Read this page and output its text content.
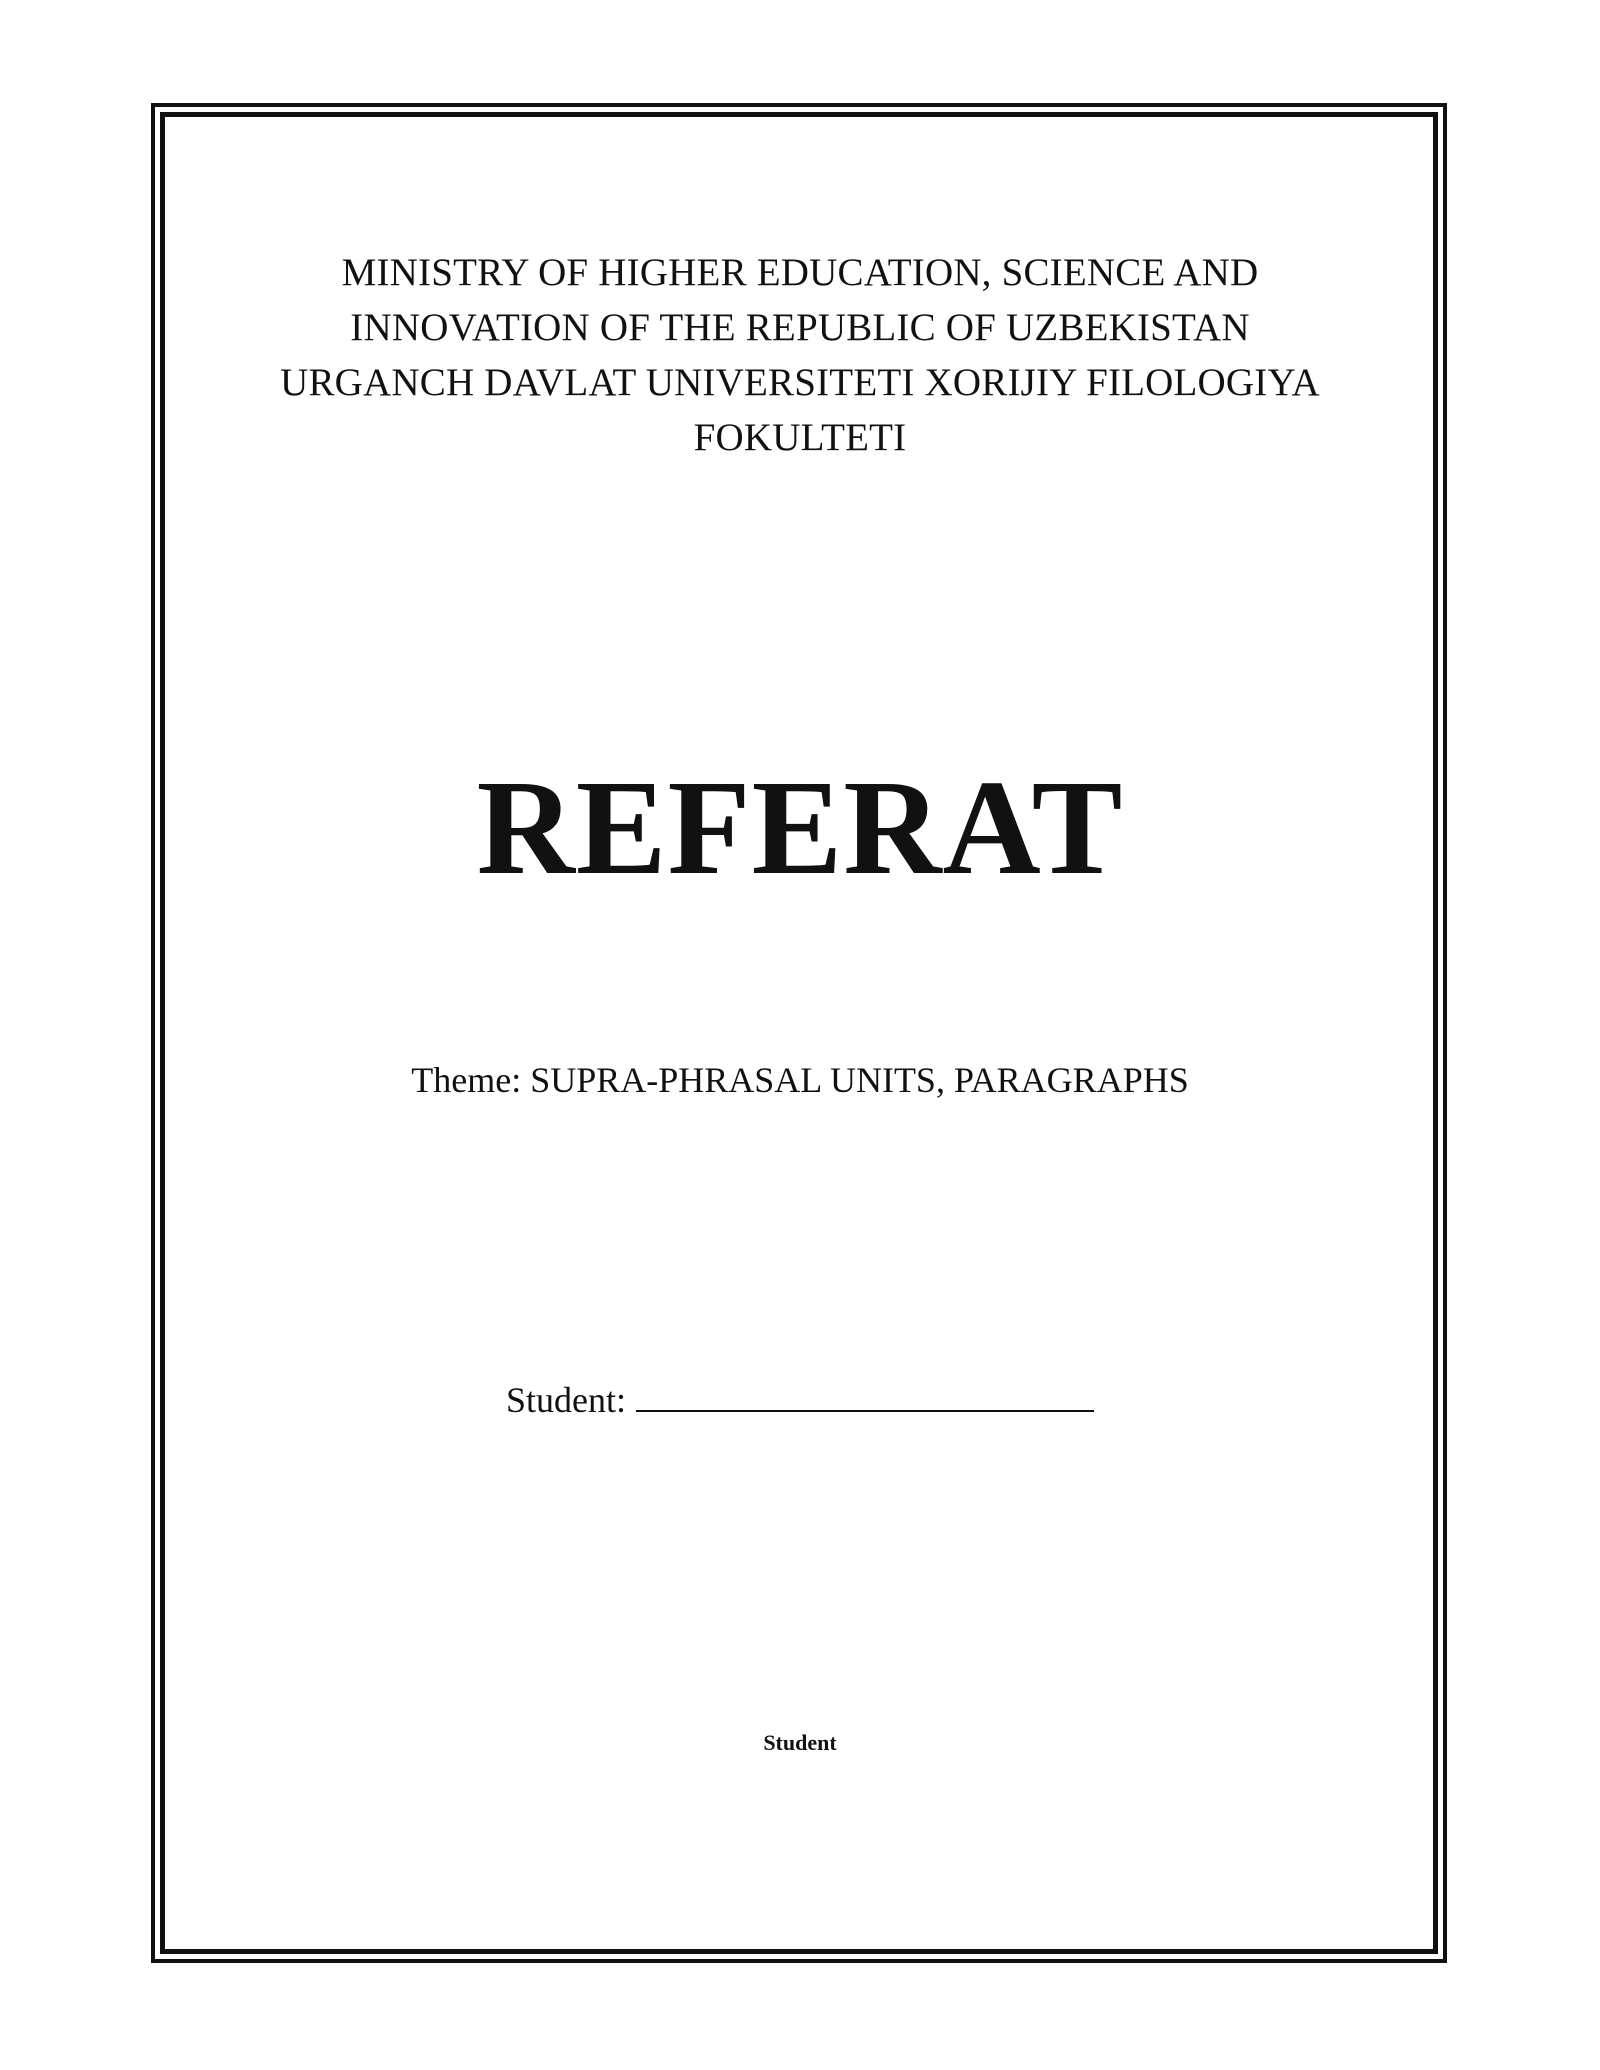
MINISTRY OF HIGHER EDUCATION, SCIENCE AND
INNOVATION OF THE REPUBLIC OF UZBEKISTAN
URGANCH DAVLAT UNIVERSITETI XORIJIY FILOLOGIYA
FOKULTETI
REFERAT
Theme: SUPRA-PHRASAL UNITS, PARAGRAPHS
Student:
Student
